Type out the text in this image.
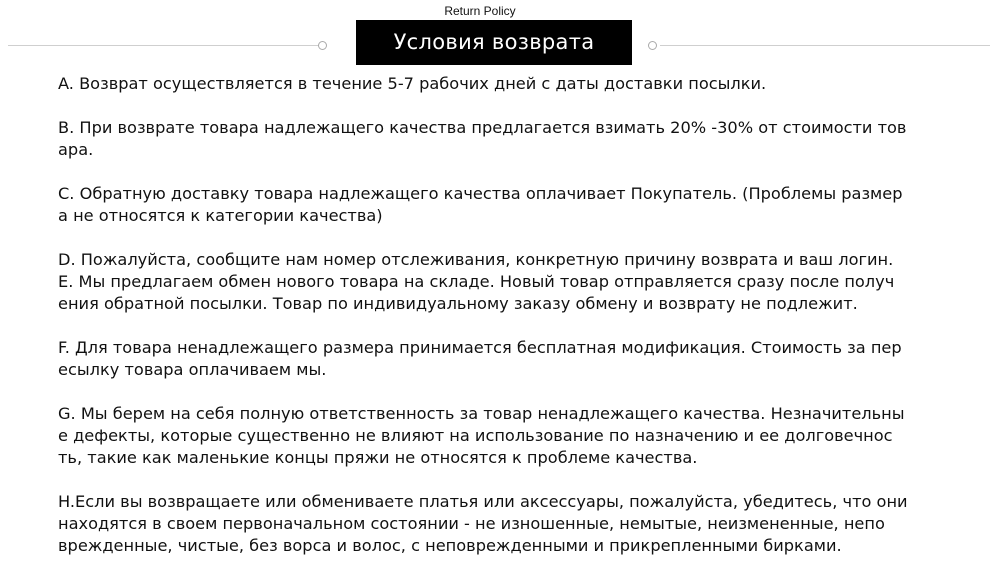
Return Policy
Условия возврата
A. Возврат осуществляется в течение 5-7 рабочих дней с даты доставки посылки.
B. При возврате товара надлежащего качества предлагается взимать 20% -30% от стоимости тов
ара.
C. Обратную доставку товара надлежащего качества оплачивает Покупатель. (Проблемы размер
а не относятся к категории качества)
D. Пожалуйста, сообщите нам номер отслеживания, конкретную причину возврата и ваш логин.
E. Мы предлагаем обмен нового товара на складе. Новый товар отправляется сразу после получ
ения обратной посылки. Товар по индивидуальному заказу обмену и возврату не подлежит.
F. Для товара ненадлежащего размера принимается бесплатная модификация. Стоимость за пер
есылку товара оплачиваем мы.
G. Мы берем на себя полную ответственность за товар ненадлежащего качества. Незначительны
е дефекты, которые существенно не влияют на использование по назначению и ее долговечнос
ть, такие как маленькие концы пряжи не относятся к проблеме качества.
H.Если вы возвращаете или обмениваете платья или аксессуары, пожалуйста, убедитесь, что они
находятся в своем первоначальном состоянии - не изношенные, немытые, неизмененные, непо
врежденные, чистые, без ворса и волос, с неповрежденными и прикрепленными бирками.
